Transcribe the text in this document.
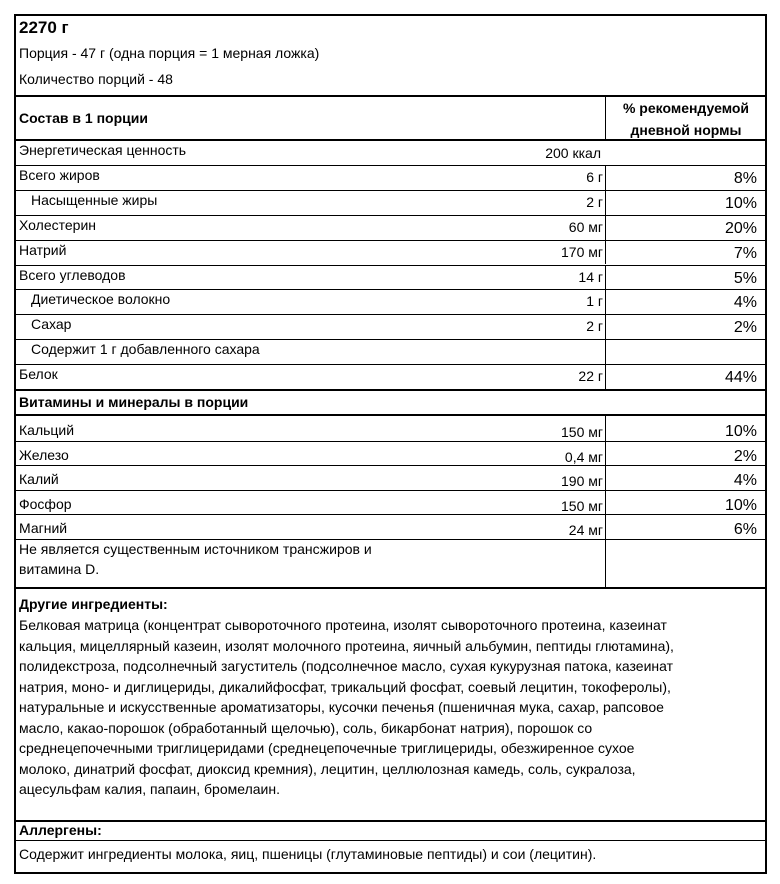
2270 г
Порция - 47 г (одна порция = 1 мерная ложка)
Количество порций - 48
Состав в 1 порции
% рекомендуемой
дневной нормы
Энергетическая ценность	200 ккал
Всего жиров	6 г	8%
Насыщенные жиры	2 г	10%
Холестерин	60 мг	20%
Натрий	170 мг	7%
Всего углеводов	14 г	5%
Диетическое волокно	1 г	4%
Сахар	2 г	2%
Содержит 1 г добавленного сахара
Белок	22 г	44%
Витамины и минералы в порции
Кальций	150 мг	10%
Железо	0,4 мг	2%
Калий	190 мг	4%
Фосфор	150 мг	10%
Магний	24 мг	6%
Не является существенным источником трансжиров и
витамина D.
Другие ингредиенты:
Белковая матрица (концентрат сывороточного протеина, изолят сывороточного протеина, казеинат
кальция, мицеллярный казеин, изолят молочного протеина, яичный альбумин, пептиды глютамина),
полидекстроза, подсолнечный загуститель (подсолнечное масло, сухая кукурузная патока, казеинат
натрия, моно- и диглицериды, дикалийфосфат, трикальций фосфат, соевый лецитин, токоферолы),
натуральные и искусственные ароматизаторы, кусочки печенья (пшеничная мука, сахар, рапсовое
масло, какао-порошок (обработанный щелочью), соль, бикарбонат натрия), порошок со
среднецепочечными триглицеридами (среднецепочечные триглицериды, обезжиренное сухое
молоко, динатрий фосфат, диоксид кремния), лецитин, целлюлозная камедь, соль, сукралоза,
ацесульфам калия, папаин, бромелаин.
Аллергены:
Содержит ингредиенты молока, яиц, пшеницы (глутаминовые пептиды) и сои (лецитин).
